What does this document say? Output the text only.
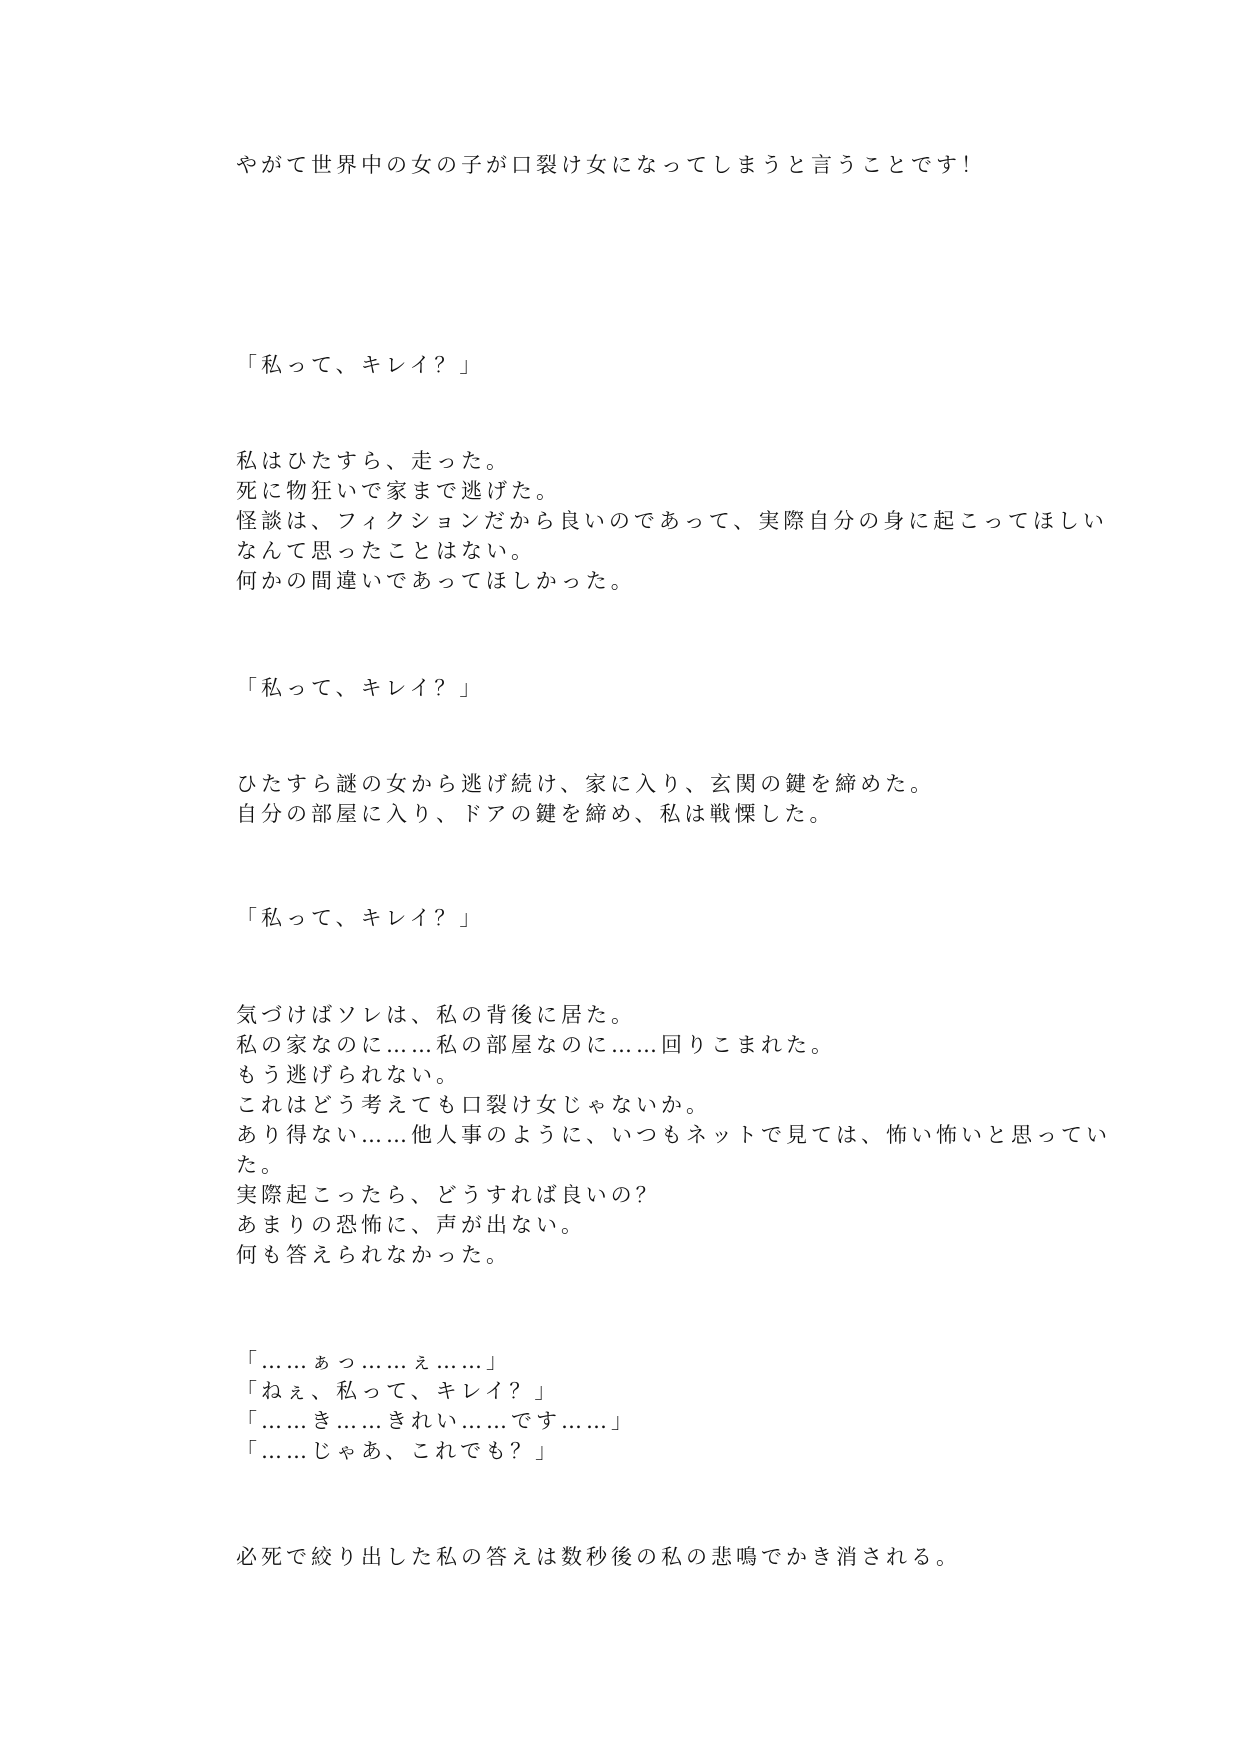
やがて世界中の女の子が口裂け女になってしまうと言うことです！
「私って、キレイ？」
私はひたすら、走った。
死に物狂いで家まで逃げた。
怪談は、フィクションだから良いのであって、実際自分の身に起こってほしい
なんて思ったことはない。
何かの間違いであってほしかった。
「私って、キレイ？」
ひたすら謎の女から逃げ続け、家に入り、玄関の鍵を締めた。
自分の部屋に入り、ドアの鍵を締め、私は戦慄した。
「私って、キレイ？」
気づけばソレは、私の背後に居た。
私の家なのに……私の部屋なのに……回りこまれた。
もう逃げられない。
これはどう考えても口裂け女じゃないか。
あり得ない……他人事のように、いつもネットで見ては、怖い怖いと思ってい
た。
実際起こったら、どうすれば良いの？
あまりの恐怖に、声が出ない。
何も答えられなかった。
「……ぁっ……ぇ……」
「ねぇ、私って、キレイ？」
「……き……きれい……です……」
「……じゃあ、これでも？」
必死で絞り出した私の答えは数秒後の私の悲鳴でかき消される。
